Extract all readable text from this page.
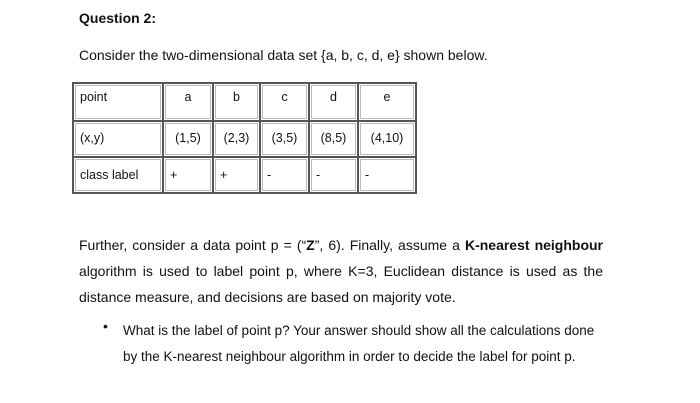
Question 2:
Consider the two-dimensional data set {a, b, c, d, e} shown below.
point	a	b	c	d	e

(x,y)	(1,5)	(2,3)	(3,5)	(8,5)	(4,10)

class label	+	+	-	-	-
Further, consider a data point p = (“Z”, 6). Finally, assume a K-nearest neighbour algorithm is used to label point p, where K=3, Euclidean distance is used as the distance measure, and decisions are based on majority vote.
• What is the label of point p? Your answer should show all the calculations done by the K-nearest neighbour algorithm in order to decide the label for point p.
